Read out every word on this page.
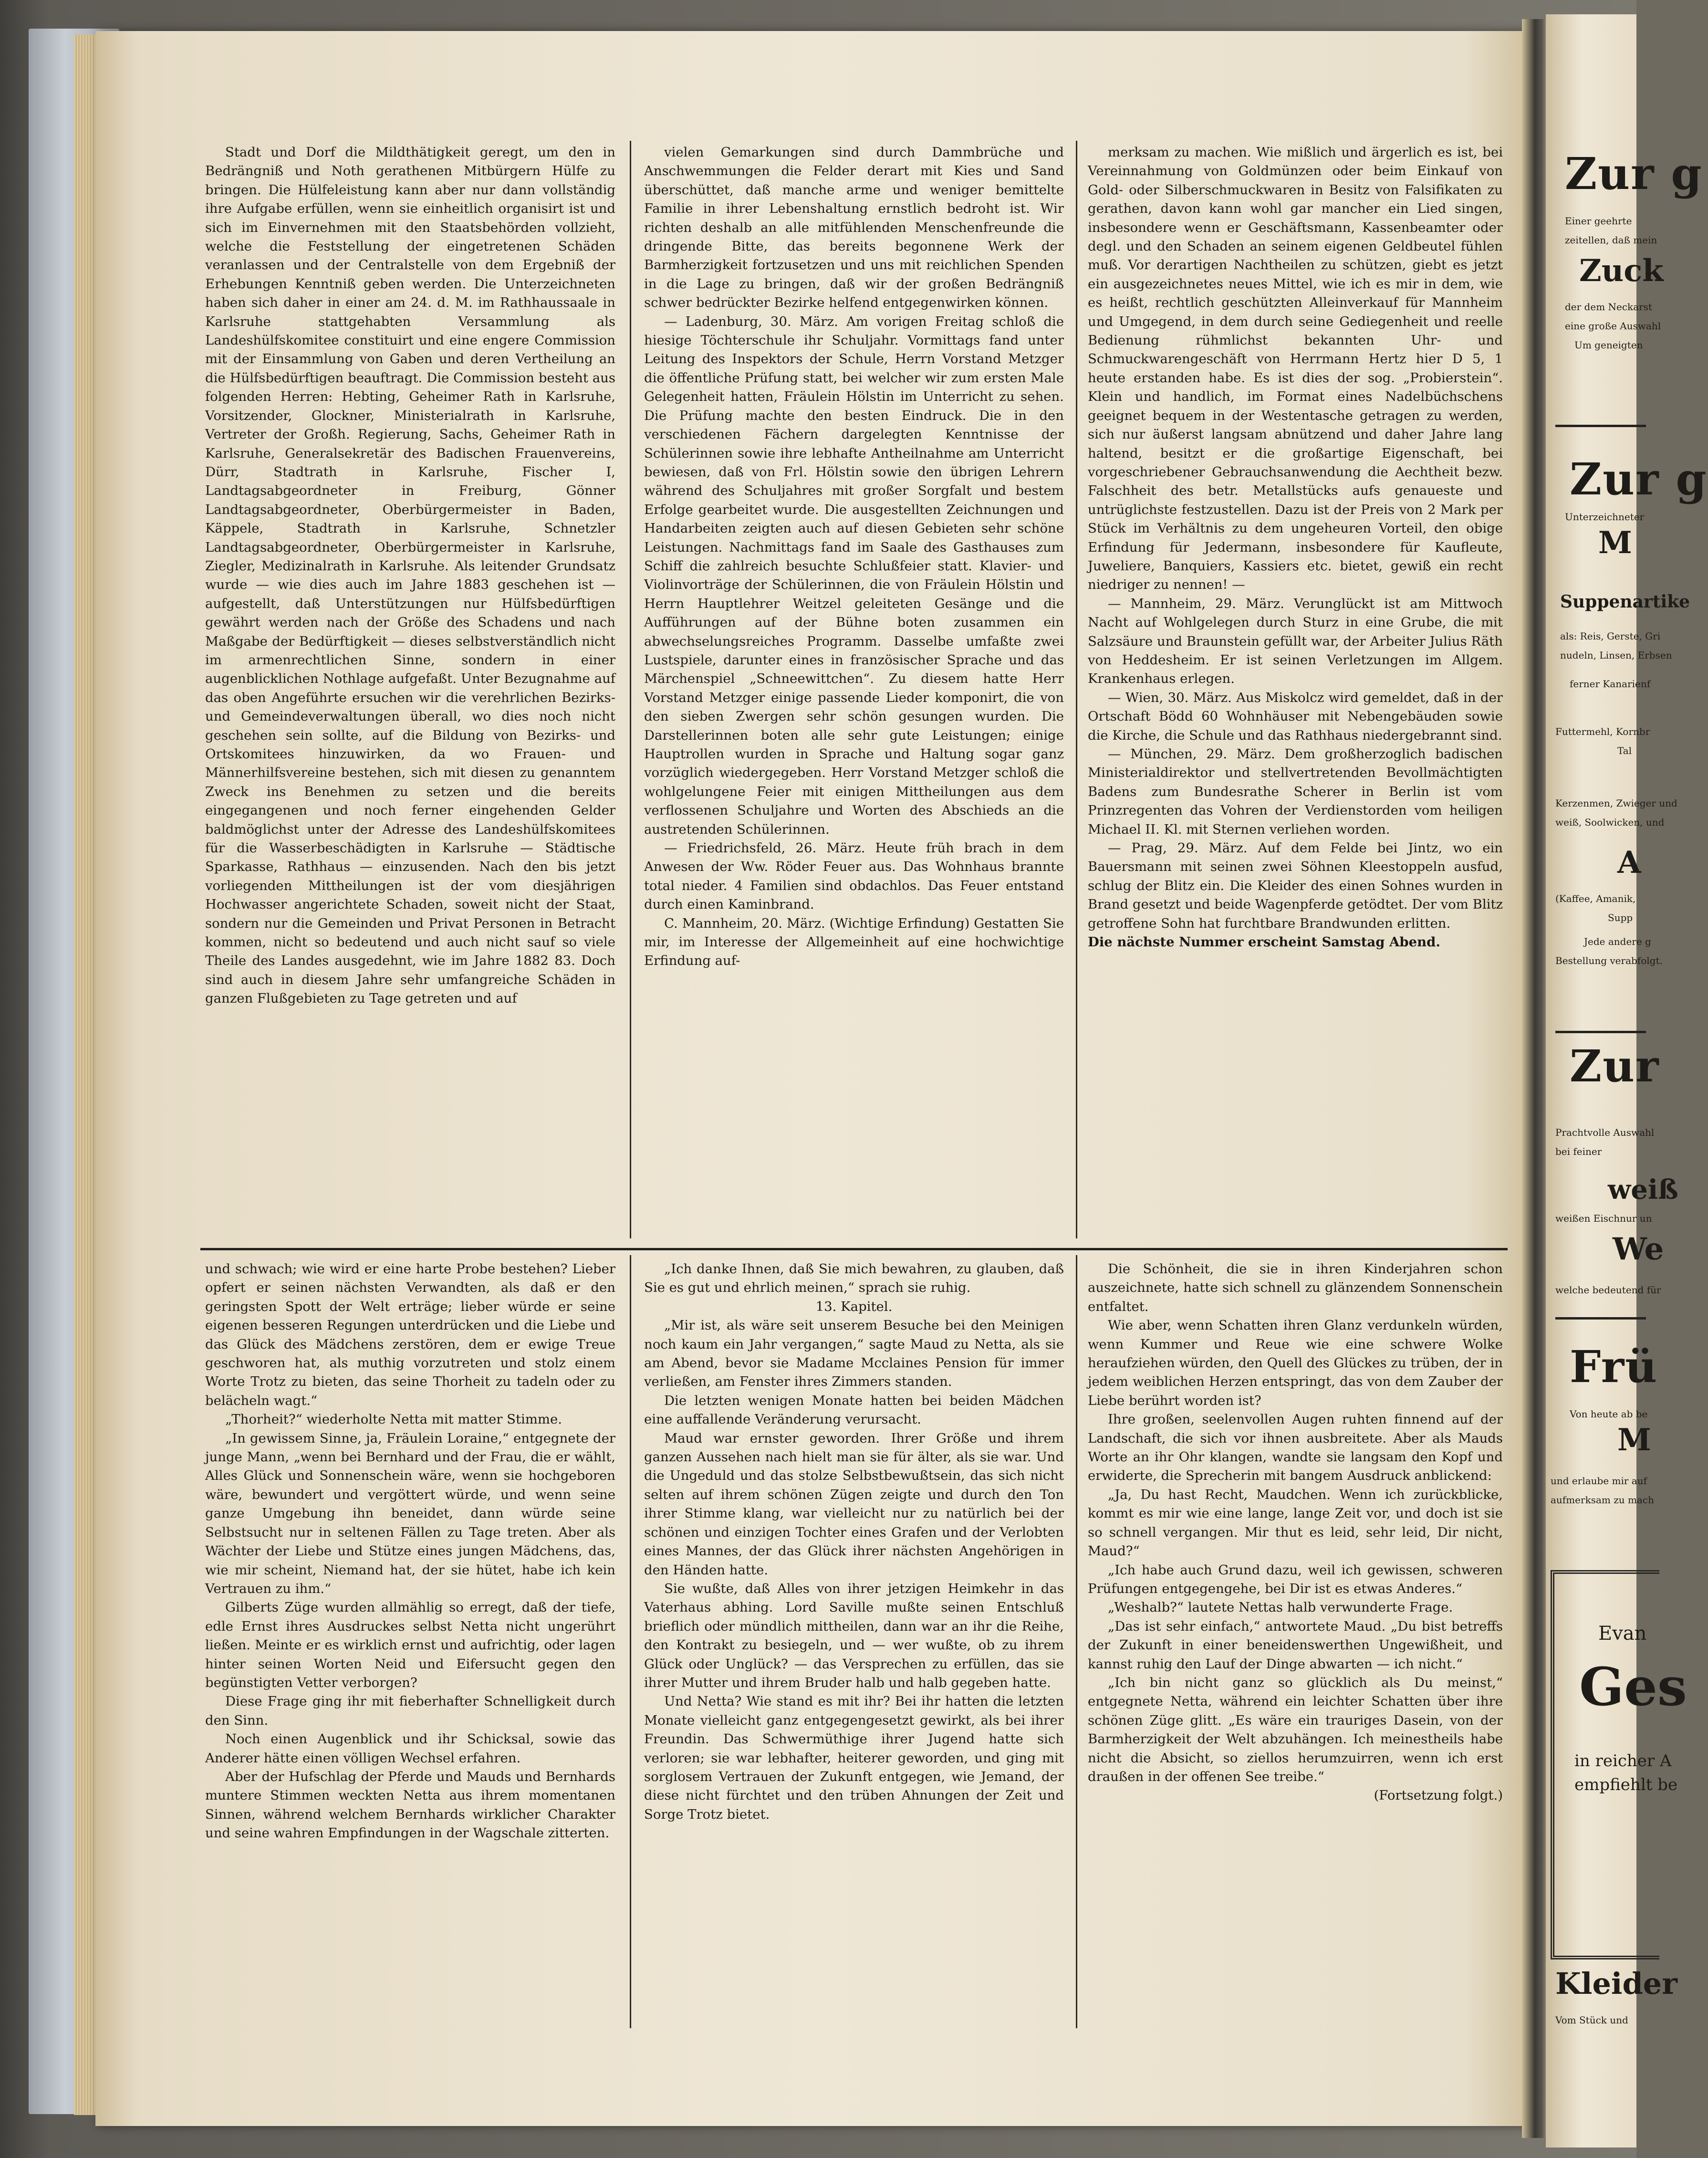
Stadt und Dorf die Mildthätigkeit geregt, um den in Bedrängniß und Noth gerathenen Mitbürgern Hülfe zu bringen. Die Hülfeleistung kann aber nur dann vollständig ihre Aufgabe erfüllen, wenn sie einheitlich organisirt ist und sich im Einvernehmen mit den Staatsbehörden vollzieht, welche die Feststellung der eingetretenen Schäden veranlassen und der Centralstelle von dem Ergebniß der Erhebungen Kenntniß geben werden. Die Unterzeichneten haben sich daher in einer am 24. d. M. im Rathhaussaale in Karlsruhe stattgehabten Versammlung als Landeshülfskomitee constituirt und eine engere Commission mit der Einsammlung von Gaben und deren Vertheilung an die Hülfsbedürftigen beauftragt. Die Commission besteht aus folgenden Herren: Hebting, Geheimer Rath in Karlsruhe, Vorsitzender, Glockner, Ministerialrath in Karlsruhe, Vertreter der Großh. Regierung, Sachs, Geheimer Rath in Karlsruhe, Generalsekretär des Badischen Frauenvereins, Dürr, Stadtrath in Karlsruhe, Fischer I, Landtagsabgeordneter in Freiburg, Gönner Landtagsabgeordneter, Oberbürgermeister in Baden, Käppele, Stadtrath in Karlsruhe, Schnetzler Landtagsabgeordneter, Oberbürgermeister in Karlsruhe, Ziegler, Medizinalrath in Karlsruhe. Als leitender Grundsatz wurde — wie dies auch im Jahre 1883 geschehen ist — aufgestellt, daß Unterstützungen nur Hülfsbedürftigen gewährt werden nach der Größe des Schadens und nach Maßgabe der Bedürftigkeit — dieses selbstverständlich nicht im armenrechtlichen Sinne, sondern in einer augenblicklichen Nothlage aufgefaßt. Unter Bezugnahme auf das oben Angeführte ersuchen wir die verehrlichen Bezirks- und Gemeindeverwaltungen überall, wo dies noch nicht geschehen sein sollte, auf die Bildung von Bezirks- und Ortskomitees hinzuwirken, da wo Frauen- und Männerhilfsvereine bestehen, sich mit diesen zu genanntem Zweck ins Benehmen zu setzen und die bereits eingegangenen und noch ferner eingehenden Gelder baldmöglichst unter der Adresse des Landeshülfskomitees für die Wasserbeschädigten in Karlsruhe — Städtische Sparkasse, Rathhaus — einzusenden. Nach den bis jetzt vorliegenden Mittheilungen ist der vom diesjährigen Hochwasser angerichtete Schaden, soweit nicht der Staat, sondern nur die Gemeinden und Privat Personen in Betracht kommen, nicht so bedeutend und auch nicht sauf so viele Theile des Landes ausgedehnt, wie im Jahre 1882 83. Doch sind auch in diesem Jahre sehr umfangreiche Schäden in ganzen Flußgebieten zu Tage getreten und auf

vielen Gemarkungen sind durch Dammbrüche und Anschwemmungen die Felder derart mit Kies und Sand überschüttet, daß manche arme und weniger bemittelte Familie in ihrer Lebenshaltung ernstlich bedroht ist. Wir richten deshalb an alle mitfühlenden Menschenfreunde die dringende Bitte, das bereits begonnene Werk der Barmherzigkeit fortzusetzen und uns mit reichlichen Spenden in die Lage zu bringen, daß wir der großen Bedrängniß schwer bedrückter Bezirke helfend entgegenwirken können.

— Ladenburg, 30. März. Am vorigen Freitag schloß die hiesige Töchterschule ihr Schuljahr. Vormittags fand unter Leitung des Inspektors der Schule, Herrn Vorstand Metzger die öffentliche Prüfung statt, bei welcher wir zum ersten Male Gelegenheit hatten, Fräulein Hölstin im Unterricht zu sehen. Die Prüfung machte den besten Eindruck. Die in den verschiedenen Fächern dargelegten Kenntnisse der Schülerinnen sowie ihre lebhafte Antheilnahme am Unterricht bewiesen, daß von Frl. Hölstin sowie den übrigen Lehrern während des Schuljahres mit großer Sorgfalt und bestem Erfolge gearbeitet wurde. Die ausgestellten Zeichnungen und Handarbeiten zeigten auch auf diesen Gebieten sehr schöne Leistungen. Nachmittags fand im Saale des Gasthauses zum Schiff die zahlreich besuchte Schlußfeier statt. Klavier- und Violinvorträge der Schülerinnen, die von Fräulein Hölstin und Herrn Hauptlehrer Weitzel geleiteten Gesänge und die Aufführungen auf der Bühne boten zusammen ein abwechselungsreiches Programm. Dasselbe umfaßte zwei Lustspiele, darunter eines in französischer Sprache und das Märchenspiel „Schneewittchen“. Zu diesem hatte Herr Vorstand Metzger einige passende Lieder komponirt, die von den sieben Zwergen sehr schön gesungen wurden. Die Darstellerinnen boten alle sehr gute Leistungen; einige Hauptrollen wurden in Sprache und Haltung sogar ganz vorzüglich wiedergegeben. Herr Vorstand Metzger schloß die wohlgelungene Feier mit einigen Mittheilungen aus dem verflossenen Schuljahre und Worten des Abschieds an die austretenden Schülerinnen.

— Friedrichsfeld, 26. März. Heute früh brach in dem Anwesen der Ww. Röder Feuer aus. Das Wohnhaus brannte total nieder. 4 Familien sind obdachlos. Das Feuer entstand durch einen Kaminbrand.

C. Mannheim, 20. März. (Wichtige Erfindung) Gestatten Sie mir, im Interesse der Allgemeinheit auf eine hochwichtige Erfindung auf-

merksam zu machen. Wie mißlich und ärgerlich es ist, bei Vereinnahmung von Goldmünzen oder beim Einkauf von Gold- oder Silberschmuckwaren in Besitz von Falsifikaten zu gerathen, davon kann wohl gar mancher ein Lied singen, insbesondere wenn er Geschäftsmann, Kassenbeamter oder degl. und den Schaden an seinem eigenen Geldbeutel fühlen muß. Vor derartigen Nachtheilen zu schützen, giebt es jetzt ein ausgezeichnetes neues Mittel, wie ich es mir in dem, wie es heißt, rechtlich geschützten Alleinverkauf für Mannheim und Umgegend, in dem durch seine Gediegenheit und reelle Bedienung rühmlichst bekannten Uhr- und Schmuckwarengeschäft von Herrmann Hertz hier D 5, 1 heute erstanden habe. Es ist dies der sog. „Probierstein“. Klein und handlich, im Format eines Nadelbüchschens geeignet bequem in der Westentasche getragen zu werden, sich nur äußerst langsam abnützend und daher Jahre lang haltend, besitzt er die großartige Eigenschaft, bei vorgeschriebener Gebrauchsanwendung die Aechtheit bezw. Falschheit des betr. Metallstücks aufs genaueste und untrüglichste festzustellen. Dazu ist der Preis von 2 Mark per Stück im Verhältnis zu dem ungeheuren Vorteil, den obige Erfindung für Jedermann, insbesondere für Kaufleute, Juweliere, Banquiers, Kassiers etc. bietet, gewiß ein recht niedriger zu nennen! —

— Mannheim, 29. März. Verunglückt ist am Mittwoch Nacht auf Wohlgelegen durch Sturz in eine Grube, die mit Salzsäure und Braunstein gefüllt war, der Arbeiter Julius Räth von Heddesheim. Er ist seinen Verletzungen im Allgem. Krankenhaus erlegen.

— Wien, 30. März. Aus Miskolcz wird gemeldet, daß in der Ortschaft Bödd 60 Wohnhäuser mit Nebengebäuden sowie die Kirche, die Schule und das Rathhaus niedergebrannt sind.

— München, 29. März. Dem großherzoglich badischen Ministerialdirektor und stellvertretenden Bevollmächtigten Badens zum Bundesrathe Scherer in Berlin ist vom Prinzregenten das Vohren der Verdienstorden vom heiligen Michael II. Kl. mit Sternen verliehen worden.

— Prag, 29. März. Auf dem Felde bei Jintz, wo ein Bauersmann mit seinen zwei Söhnen Kleestoppeln ausfud, schlug der Blitz ein. Die Kleider des einen Sohnes wurden in Brand gesetzt und beide Wagenpferde getödtet. Der vom Blitz getroffene Sohn hat furchtbare Brandwunden erlitten.

Die nächste Nummer erscheint Samstag Abend.

und schwach; wie wird er eine harte Probe bestehen? Lieber opfert er seinen nächsten Verwandten, als daß er den geringsten Spott der Welt erträge; lieber würde er seine eigenen besseren Regungen unterdrücken und die Liebe und das Glück des Mädchens zerstören, dem er ewige Treue geschworen hat, als muthig vorzutreten und stolz einem Worte Trotz zu bieten, das seine Thorheit zu tadeln oder zu belächeln wagt.“

„Thorheit?“ wiederholte Netta mit matter Stimme.

„In gewissem Sinne, ja, Fräulein Loraine,“ entgegnete der junge Mann, „wenn bei Bernhard und der Frau, die er wählt, Alles Glück und Sonnenschein wäre, wenn sie hochgeboren wäre, bewundert und vergöttert würde, und wenn seine ganze Umgebung ihn beneidet, dann würde seine Selbstsucht nur in seltenen Fällen zu Tage treten. Aber als Wächter der Liebe und Stütze eines jungen Mädchens, das, wie mir scheint, Niemand hat, der sie hütet, habe ich kein Vertrauen zu ihm.“

Gilberts Züge wurden allmählig so erregt, daß der tiefe, edle Ernst ihres Ausdruckes selbst Netta nicht ungerührt ließen. Meinte er es wirklich ernst und aufrichtig, oder lagen hinter seinen Worten Neid und Eifersucht gegen den begünstigten Vetter verborgen?

Diese Frage ging ihr mit fieberhafter Schnelligkeit durch den Sinn.

Noch einen Augenblick und ihr Schicksal, sowie das Anderer hätte einen völligen Wechsel erfahren.

Aber der Hufschlag der Pferde und Mauds und Bernhards muntere Stimmen weckten Netta aus ihrem momentanen Sinnen, während welchem Bernhards wirklicher Charakter und seine wahren Empfindungen in der Wagschale zitterten.

„Ich danke Ihnen, daß Sie mich bewahren, zu glauben, daß Sie es gut und ehrlich meinen,“ sprach sie ruhig.

13. Kapitel.

„Mir ist, als wäre seit unserem Besuche bei den Meinigen noch kaum ein Jahr vergangen,“ sagte Maud zu Netta, als sie am Abend, bevor sie Madame Mcclaines Pension für immer verließen, am Fenster ihres Zimmers standen.

Die letzten wenigen Monate hatten bei beiden Mädchen eine auffallende Veränderung verursacht.

Maud war ernster geworden. Ihrer Größe und ihrem ganzen Aussehen nach hielt man sie für älter, als sie war. Und die Ungeduld und das stolze Selbstbewußtsein, das sich nicht selten auf ihrem schönen Zügen zeigte und durch den Ton ihrer Stimme klang, war vielleicht nur zu natürlich bei der schönen und einzigen Tochter eines Grafen und der Verlobten eines Mannes, der das Glück ihrer nächsten Angehörigen in den Händen hatte.

Sie wußte, daß Alles von ihrer jetzigen Heimkehr in das Vaterhaus abhing. Lord Saville mußte seinen Entschluß brieflich oder mündlich mittheilen, dann war an ihr die Reihe, den Kontrakt zu besiegeln, und — wer wußte, ob zu ihrem Glück oder Unglück? — das Versprechen zu erfüllen, das sie ihrer Mutter und ihrem Bruder halb und halb gegeben hatte.

Und Netta? Wie stand es mit ihr? Bei ihr hatten die letzten Monate vielleicht ganz entgegengesetzt gewirkt, als bei ihrer Freundin. Das Schwermüthige ihrer Jugend hatte sich verloren; sie war lebhafter, heiterer geworden, und ging mit sorglosem Vertrauen der Zukunft entgegen, wie Jemand, der diese nicht fürchtet und den trüben Ahnungen der Zeit und Sorge Trotz bietet.

Die Schönheit, die sie in ihren Kinderjahren schon auszeichnete, hatte sich schnell zu glänzendem Sonnenschein entfaltet.

Wie aber, wenn Schatten ihren Glanz verdunkeln würden, wenn Kummer und Reue wie eine schwere Wolke heraufziehen würden, den Quell des Glückes zu trüben, der in jedem weiblichen Herzen entspringt, das von dem Zauber der Liebe berührt worden ist?

Ihre großen, seelenvollen Augen ruhten finnend auf der Landschaft, die sich vor ihnen ausbreitete. Aber als Mauds Worte an ihr Ohr klangen, wandte sie langsam den Kopf und erwiderte, die Sprecherin mit bangem Ausdruck anblickend:

„Ja, Du hast Recht, Maudchen. Wenn ich zurückblicke, kommt es mir wie eine lange, lange Zeit vor, und doch ist sie so schnell vergangen. Mir thut es leid, sehr leid, Dir nicht, Maud?“

„Ich habe auch Grund dazu, weil ich gewissen, schweren Prüfungen entgegengehe, bei Dir ist es etwas Anderes.“

„Weshalb?“ lautete Nettas halb verwunderte Frage.

„Das ist sehr einfach,“ antwortete Maud. „Du bist betreffs der Zukunft in einer beneidenswerthen Ungewißheit, und kannst ruhig den Lauf der Dinge abwarten — ich nicht.“

„Ich bin nicht ganz so glücklich als Du meinst,“ entgegnete Netta, während ein leichter Schatten über ihre schönen Züge glitt. „Es wäre ein trauriges Dasein, von der Barmherzigkeit der Welt abzuhängen. Ich meinestheils habe nicht die Absicht, so ziellos herumzuirren, wenn ich erst draußen in der offenen See treibe.“

(Fortsetzung folgt.)

Zur g
Einer geehrte
zeitellen, daß mein
Zuck
der dem Neckarst
eine große Auswahl
Um geneigten
Zur g
Unterzeichneter
M
Suppenartike
als: Reis, Gerste, Gri
nudeln, Linsen, Erbsen
ferner Kanarienf
Futtermehl, Kornbr
Tal
Kerzenmen, Zwieger und
weiß, Soolwicken, und
A
(Kaffee, Amanik,
Supp
Jede andere g
Bestellung verabfolgt.
Zur
Prachtvolle Auswahl
bei feiner
weiß
weißen Eischnur un
We
welche bedeutend für
Frü
Von heute ab be
M
und erlaube mir auf
aufmerksam zu mach
Evan
Ges
in reicher A
empfiehlt be
Kleider
Vom Stück und
